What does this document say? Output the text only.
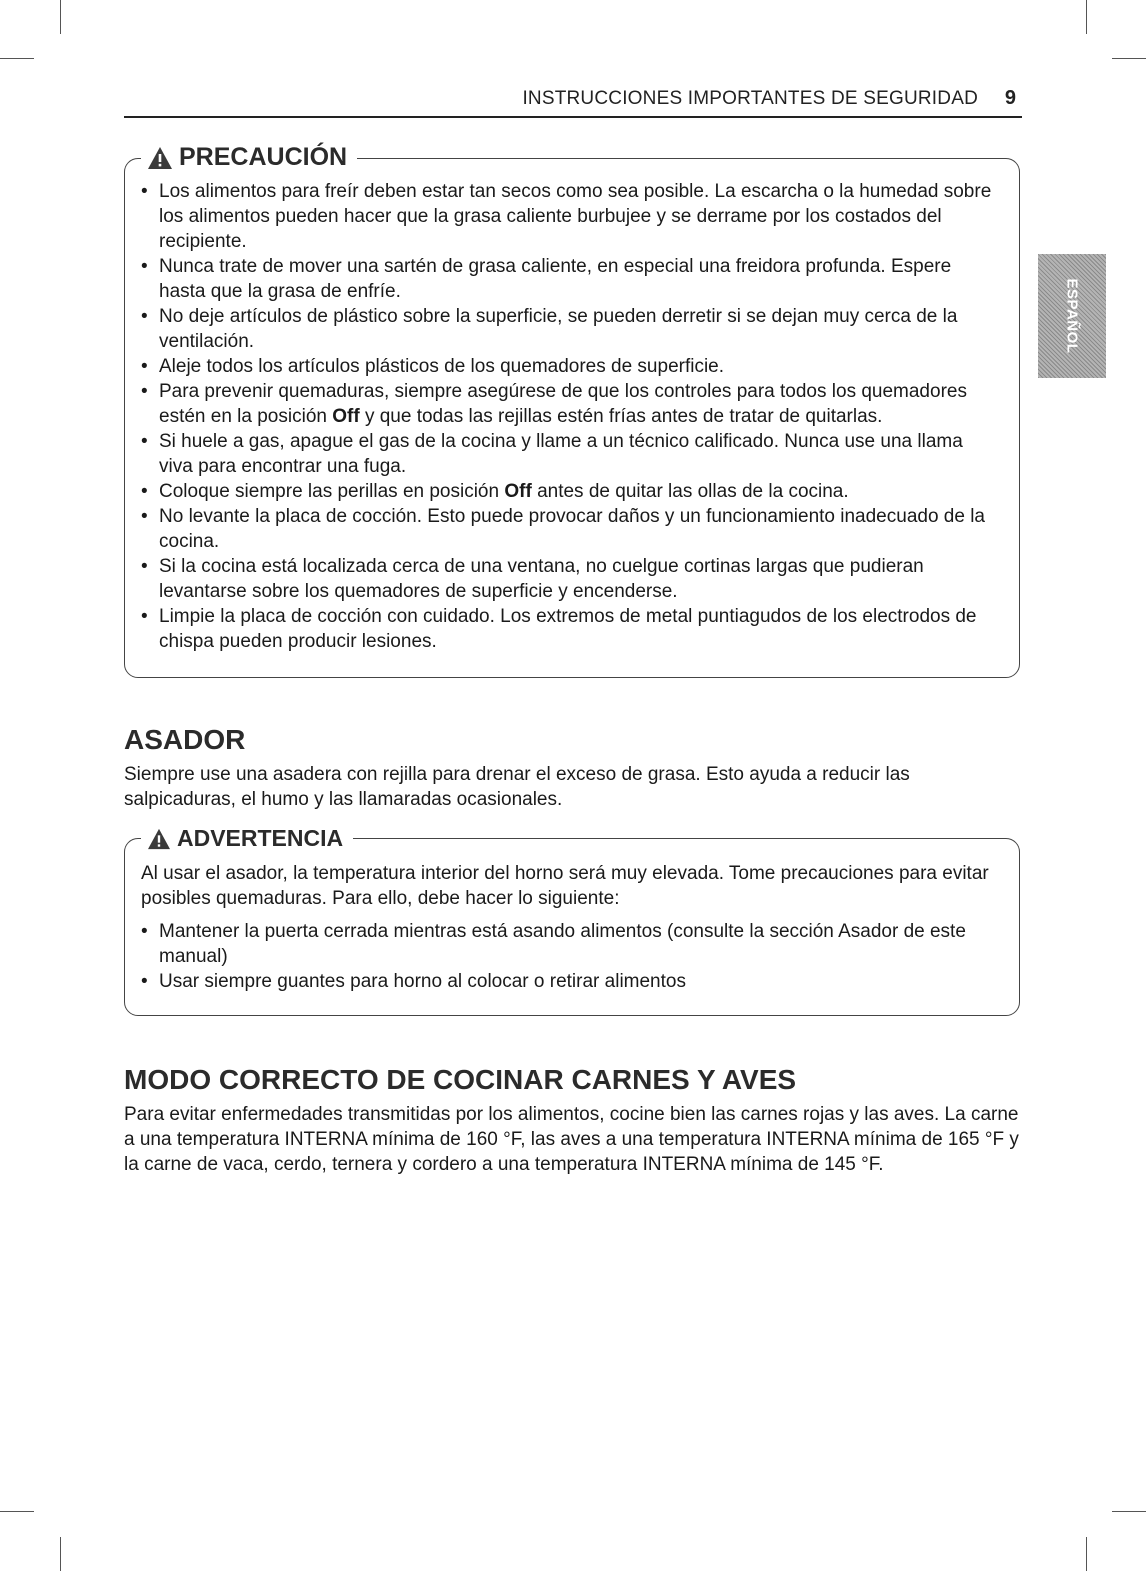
INSTRUCCIONES IMPORTANTES DE SEGURIDAD 9
ESPAÑOL
PRECAUCIÓN
• Los alimentos para freír deben estar tan secos como sea posible. La escarcha o la humedad sobre los alimentos pueden hacer que la grasa caliente burbujee y se derrame por los costados del recipiente.
• Nunca trate de mover una sartén de grasa caliente, en especial una freidora profunda. Espere hasta que la grasa de enfríe.
• No deje artículos de plástico sobre la superficie, se pueden derretir si se dejan muy cerca de la ventilación.
• Aleje todos los artículos plásticos de los quemadores de superficie.
• Para prevenir quemaduras, siempre asegúrese de que los controles para todos los quemadores estén en la posición Off y que todas las rejillas estén frías antes de tratar de quitarlas.
• Si huele a gas, apague el gas de la cocina y llame a un técnico calificado. Nunca use una llama viva para encontrar una fuga.
• Coloque siempre las perillas en posición Off antes de quitar las ollas de la cocina.
• No levante la placa de cocción. Esto puede provocar daños y un funcionamiento inadecuado de la cocina.
• Si la cocina está localizada cerca de una ventana, no cuelgue cortinas largas que pudieran levantarse sobre los quemadores de superficie y encenderse.
• Limpie la placa de cocción con cuidado. Los extremos de metal puntiagudos de los electrodos de chispa pueden producir lesiones.
ASADOR
Siempre use una asadera con rejilla para drenar el exceso de grasa. Esto ayuda a reducir las salpicaduras, el humo y las llamaradas ocasionales.
ADVERTENCIA
Al usar el asador, la temperatura interior del horno será muy elevada. Tome precauciones para evitar posibles quemaduras. Para ello, debe hacer lo siguiente:
• Mantener la puerta cerrada mientras está asando alimentos (consulte la sección Asador de este manual)
• Usar siempre guantes para horno al colocar o retirar alimentos
MODO CORRECTO DE COCINAR CARNES Y AVES
Para evitar enfermedades transmitidas por los alimentos, cocine bien las carnes rojas y las aves. La carne a una temperatura INTERNA mínima de 160 °F, las aves a una temperatura INTERNA mínima de 165 °F y la carne de vaca, cerdo, ternera y cordero a una temperatura INTERNA mínima de 145 °F.
